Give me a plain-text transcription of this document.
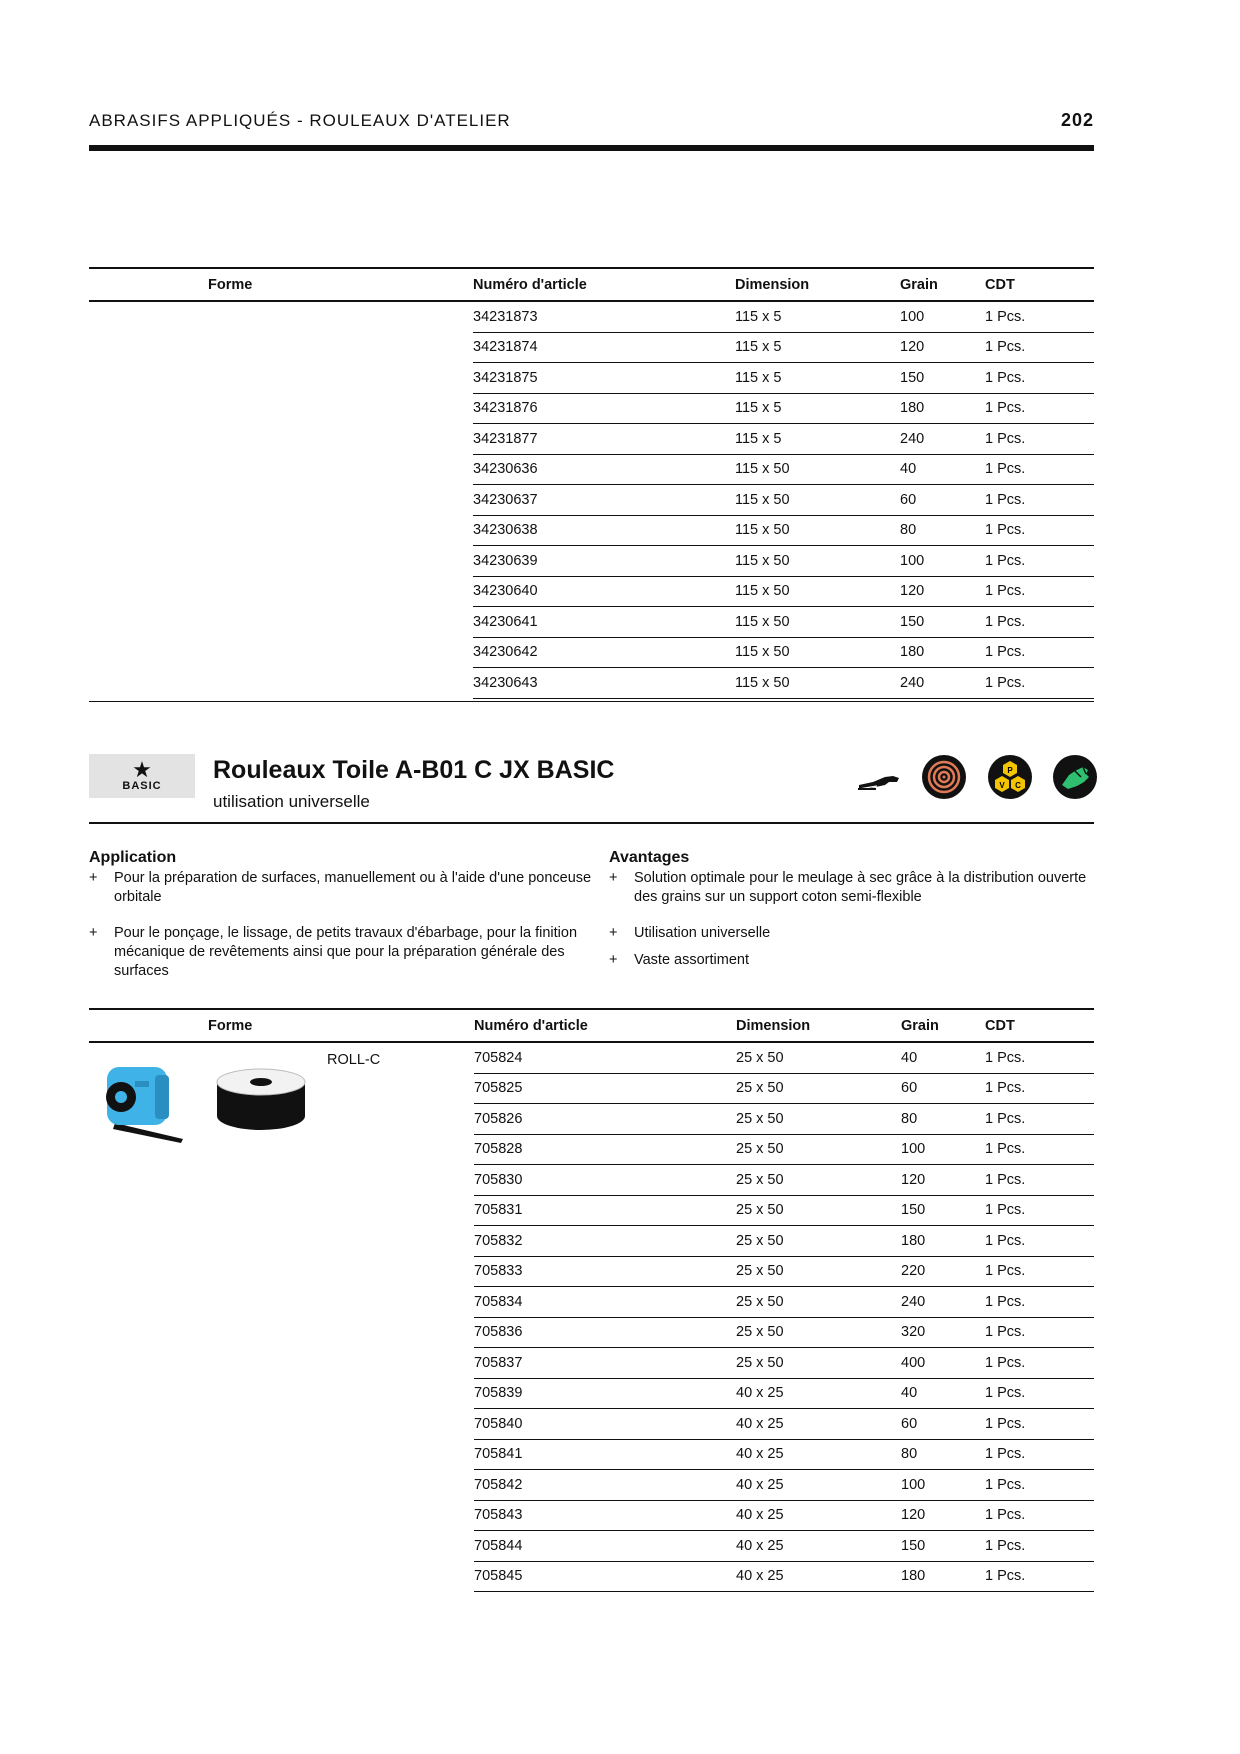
ABRASIFS APPLIQUÉS - ROULEAUX D'ATELIER	202
Forme	Numéro d'article	Dimension	Grain	CDT
	34231873	115 x 5	100	1 Pcs.
	34231874	115 x 5	120	1 Pcs.
	34231875	115 x 5	150	1 Pcs.
	34231876	115 x 5	180	1 Pcs.
	34231877	115 x 5	240	1 Pcs.
	34230636	115 x 50	40	1 Pcs.
	34230637	115 x 50	60	1 Pcs.
	34230638	115 x 50	80	1 Pcs.
	34230639	115 x 50	100	1 Pcs.
	34230640	115 x 50	120	1 Pcs.
	34230641	115 x 50	150	1 Pcs.
	34230642	115 x 50	180	1 Pcs.
	34230643	115 x 50	240	1 Pcs.
★
BASIC
Rouleaux Toile A-B01 C JX BASIC
utilisation universelle
P
V C
Application
+ Pour la préparation de surfaces, manuellement ou à l'aide d'une ponceuse orbitale
+ Pour le ponçage, le lissage, de petits travaux d'ébarbage, pour la finition mécanique de revêtements ainsi que pour la préparation générale des surfaces
Avantages
+ Solution optimale pour le meulage à sec grâce à la distribution ouverte des grains sur un support coton semi-flexible
+ Utilisation universelle
+ Vaste assortiment
Forme	Numéro d'article	Dimension	Grain	CDT
	705824	25 x 50	40	1 Pcs.
	705825	25 x 50	60	1 Pcs.
	705826	25 x 50	80	1 Pcs.
	705828	25 x 50	100	1 Pcs.
	705830	25 x 50	120	1 Pcs.
	705831	25 x 50	150	1 Pcs.
	705832	25 x 50	180	1 Pcs.
	705833	25 x 50	220	1 Pcs.
	705834	25 x 50	240	1 Pcs.
	705836	25 x 50	320	1 Pcs.
	705837	25 x 50	400	1 Pcs.
	705839	40 x 25	40	1 Pcs.
	705840	40 x 25	60	1 Pcs.
	705841	40 x 25	80	1 Pcs.
	705842	40 x 25	100	1 Pcs.
	705843	40 x 25	120	1 Pcs.
	705844	40 x 25	150	1 Pcs.
	705845	40 x 25	180	1 Pcs.
ROLL-C
